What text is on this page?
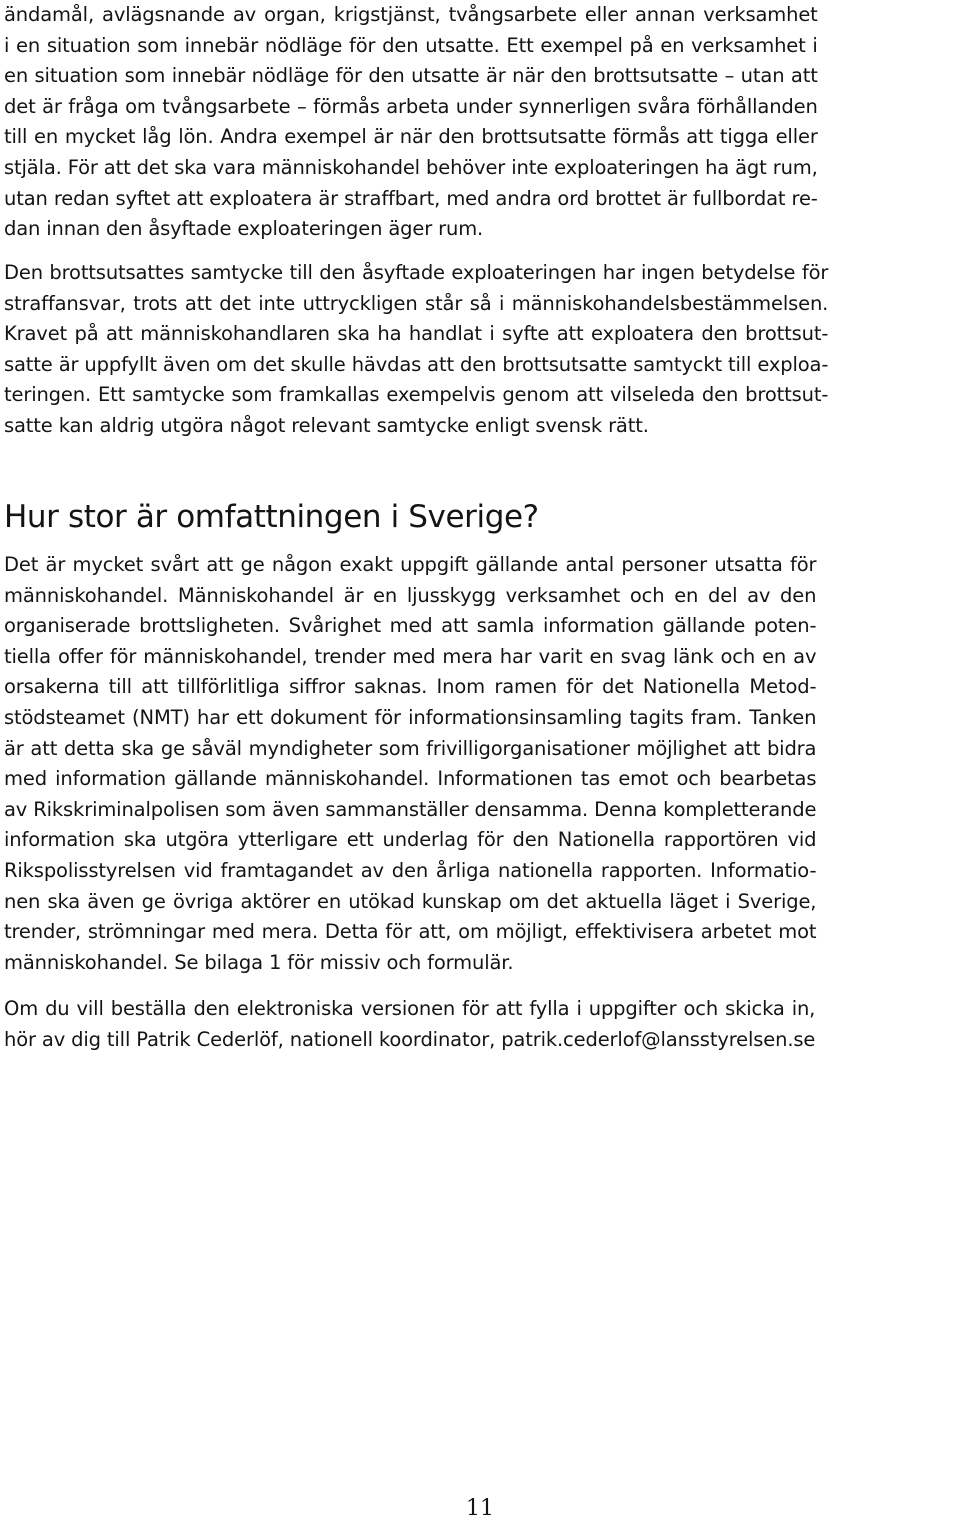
ändamål, avlägsnande av organ, krigstjänst, tvångsarbete eller annan verksamhet
i en situation som innebär nödläge för den utsatte. Ett exempel på en verksamhet i
en situation som innebär nödläge för den utsatte är när den brottsutsatte – utan att
det är fråga om tvångsarbete – förmås arbeta under synnerligen svåra förhållanden
till en mycket låg lön. Andra exempel är när den brottsutsatte förmås att tigga eller
stjäla. För att det ska vara människohandel behöver inte exploateringen ha ägt rum,
utan redan syftet att exploatera är straffbart, med andra ord brottet är fullbordat re-
dan innan den åsyftade exploateringen äger rum.

Den brottsutsattes samtycke till den åsyftade exploateringen har ingen betydelse för
straffansvar, trots att det inte uttryckligen står så i människohandelsbestämmelsen.
Kravet på att människohandlaren ska ha handlat i syfte att exploatera den brottsut-
satte är uppfyllt även om det skulle hävdas att den brottsutsatte samtyckt till exploa-
teringen. Ett samtycke som framkallas exempelvis genom att vilseleda den brottsut-
satte kan aldrig utgöra något relevant samtycke enligt svensk rätt.

Hur stor är omfattningen i Sverige?

Det är mycket svårt att ge någon exakt uppgift gällande antal personer utsatta för
människohandel. Människohandel är en ljusskygg verksamhet och en del av den
organiserade brottsligheten. Svårighet med att samla information gällande poten-
tiella offer för människohandel, trender med mera har varit en svag länk och en av
orsakerna till att tillförlitliga siffror saknas. Inom ramen för det Nationella Metod-
stödsteamet (NMT) har ett dokument för informationsinsamling tagits fram. Tanken
är att detta ska ge såväl myndigheter som frivilligorganisationer möjlighet att bidra
med information gällande människohandel. Informationen tas emot och bearbetas
av Rikskriminalpolisen som även sammanställer densamma. Denna kompletterande
information ska utgöra ytterligare ett underlag för den Nationella rapportören vid
Rikspolisstyrelsen vid framtagandet av den årliga nationella rapporten. Informatio-
nen ska även ge övriga aktörer en utökad kunskap om det aktuella läget i Sverige,
trender, strömningar med mera. Detta för att, om möjligt, effektivisera arbetet mot
människohandel. Se bilaga 1 för missiv och formulär.

Om du vill beställa den elektroniska versionen för att fylla i uppgifter och skicka in,
hör av dig till Patrik Cederlöf, nationell koordinator, patrik.cederlof@lansstyrelsen.se

11
